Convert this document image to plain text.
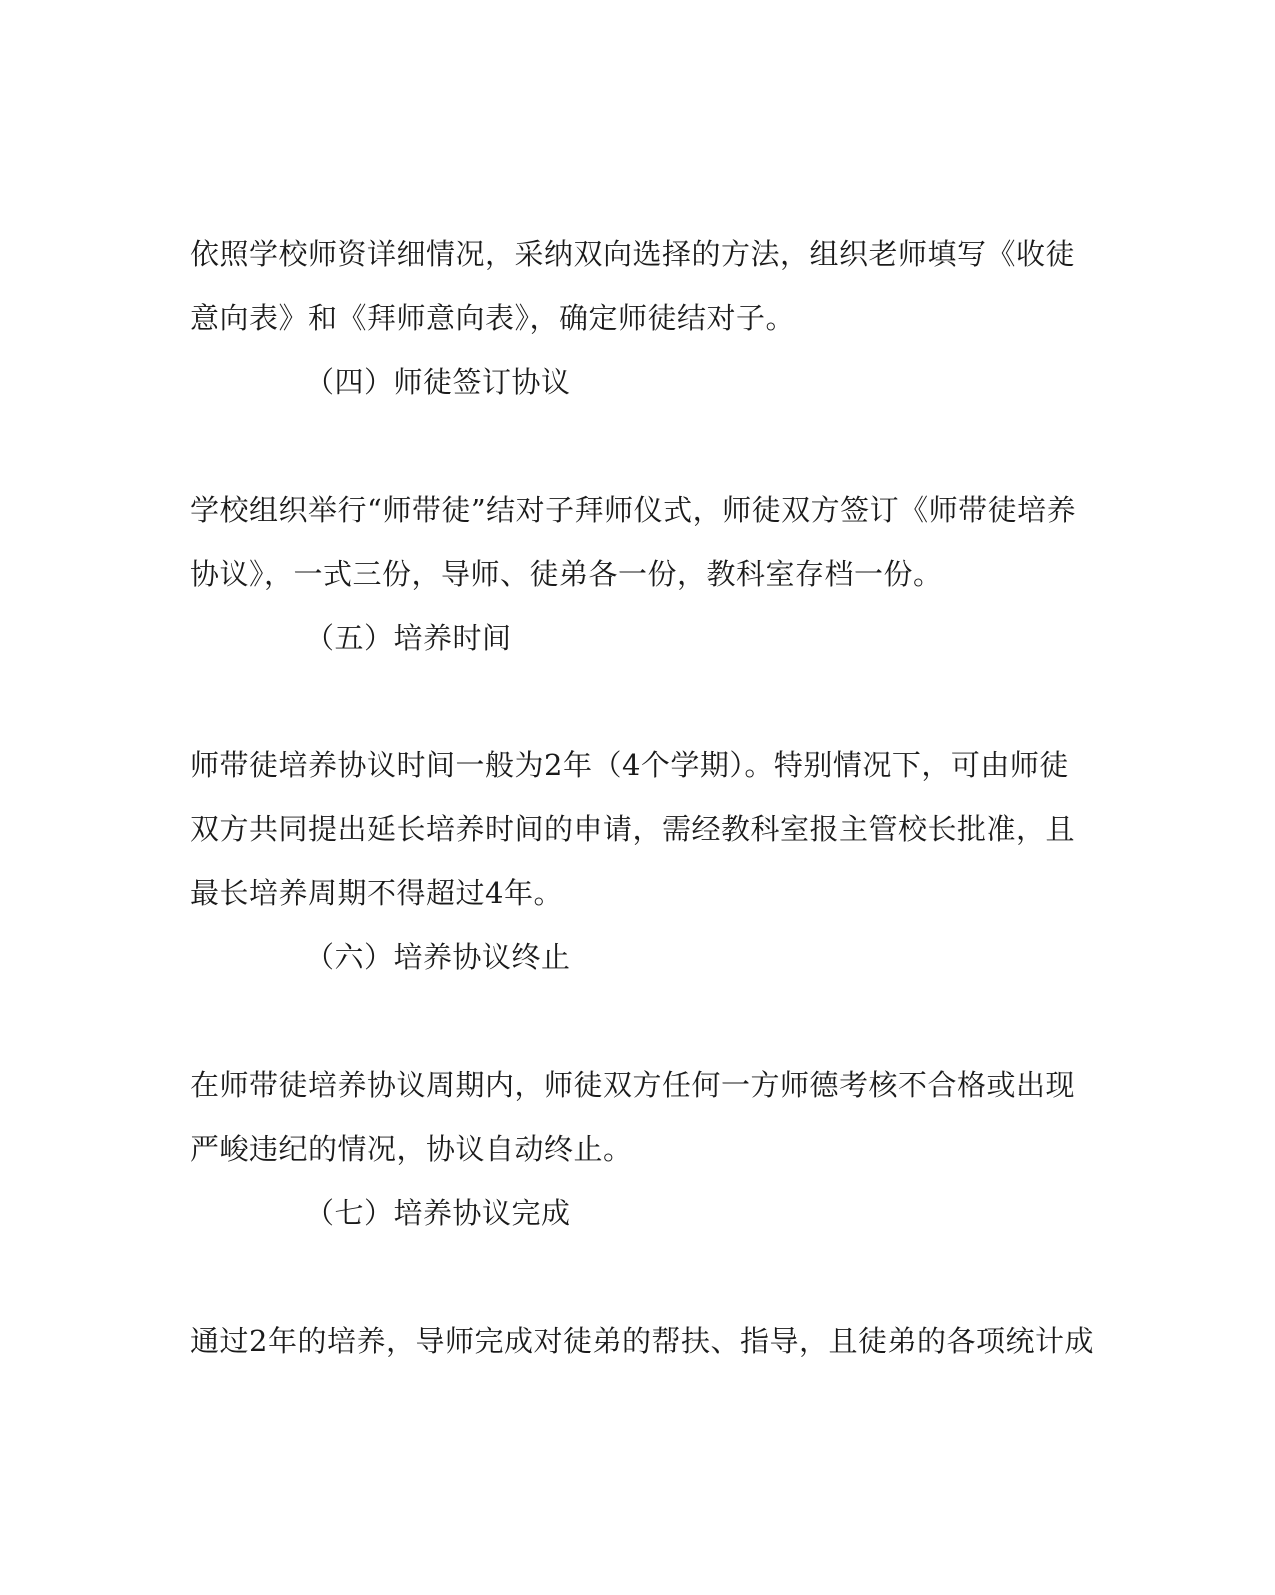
依照学校师资详细情况，采纳双向选择的方法，组织老师填写《收徒
意向表》和《拜师意向表》，确定师徒结对子。
（四）师徒签订协议
学校组织举行“师带徒”结对子拜师仪式，师徒双方签订《师带徒培养
协议》，一式三份，导师、徒弟各一份，教科室存档一份。
（五）培养时间
师带徒培养协议时间一般为2年（4个学期）。特别情况下，可由师徒
双方共同提出延长培养时间的申请，需经教科室报主管校长批准，且
最长培养周期不得超过4年。
（六）培养协议终止
在师带徒培养协议周期内，师徒双方任何一方师德考核不合格或出现
严峻违纪的情况，协议自动终止。
（七）培养协议完成
通过2年的培养，导师完成对徒弟的帮扶、指导，且徒弟的各项统计成
